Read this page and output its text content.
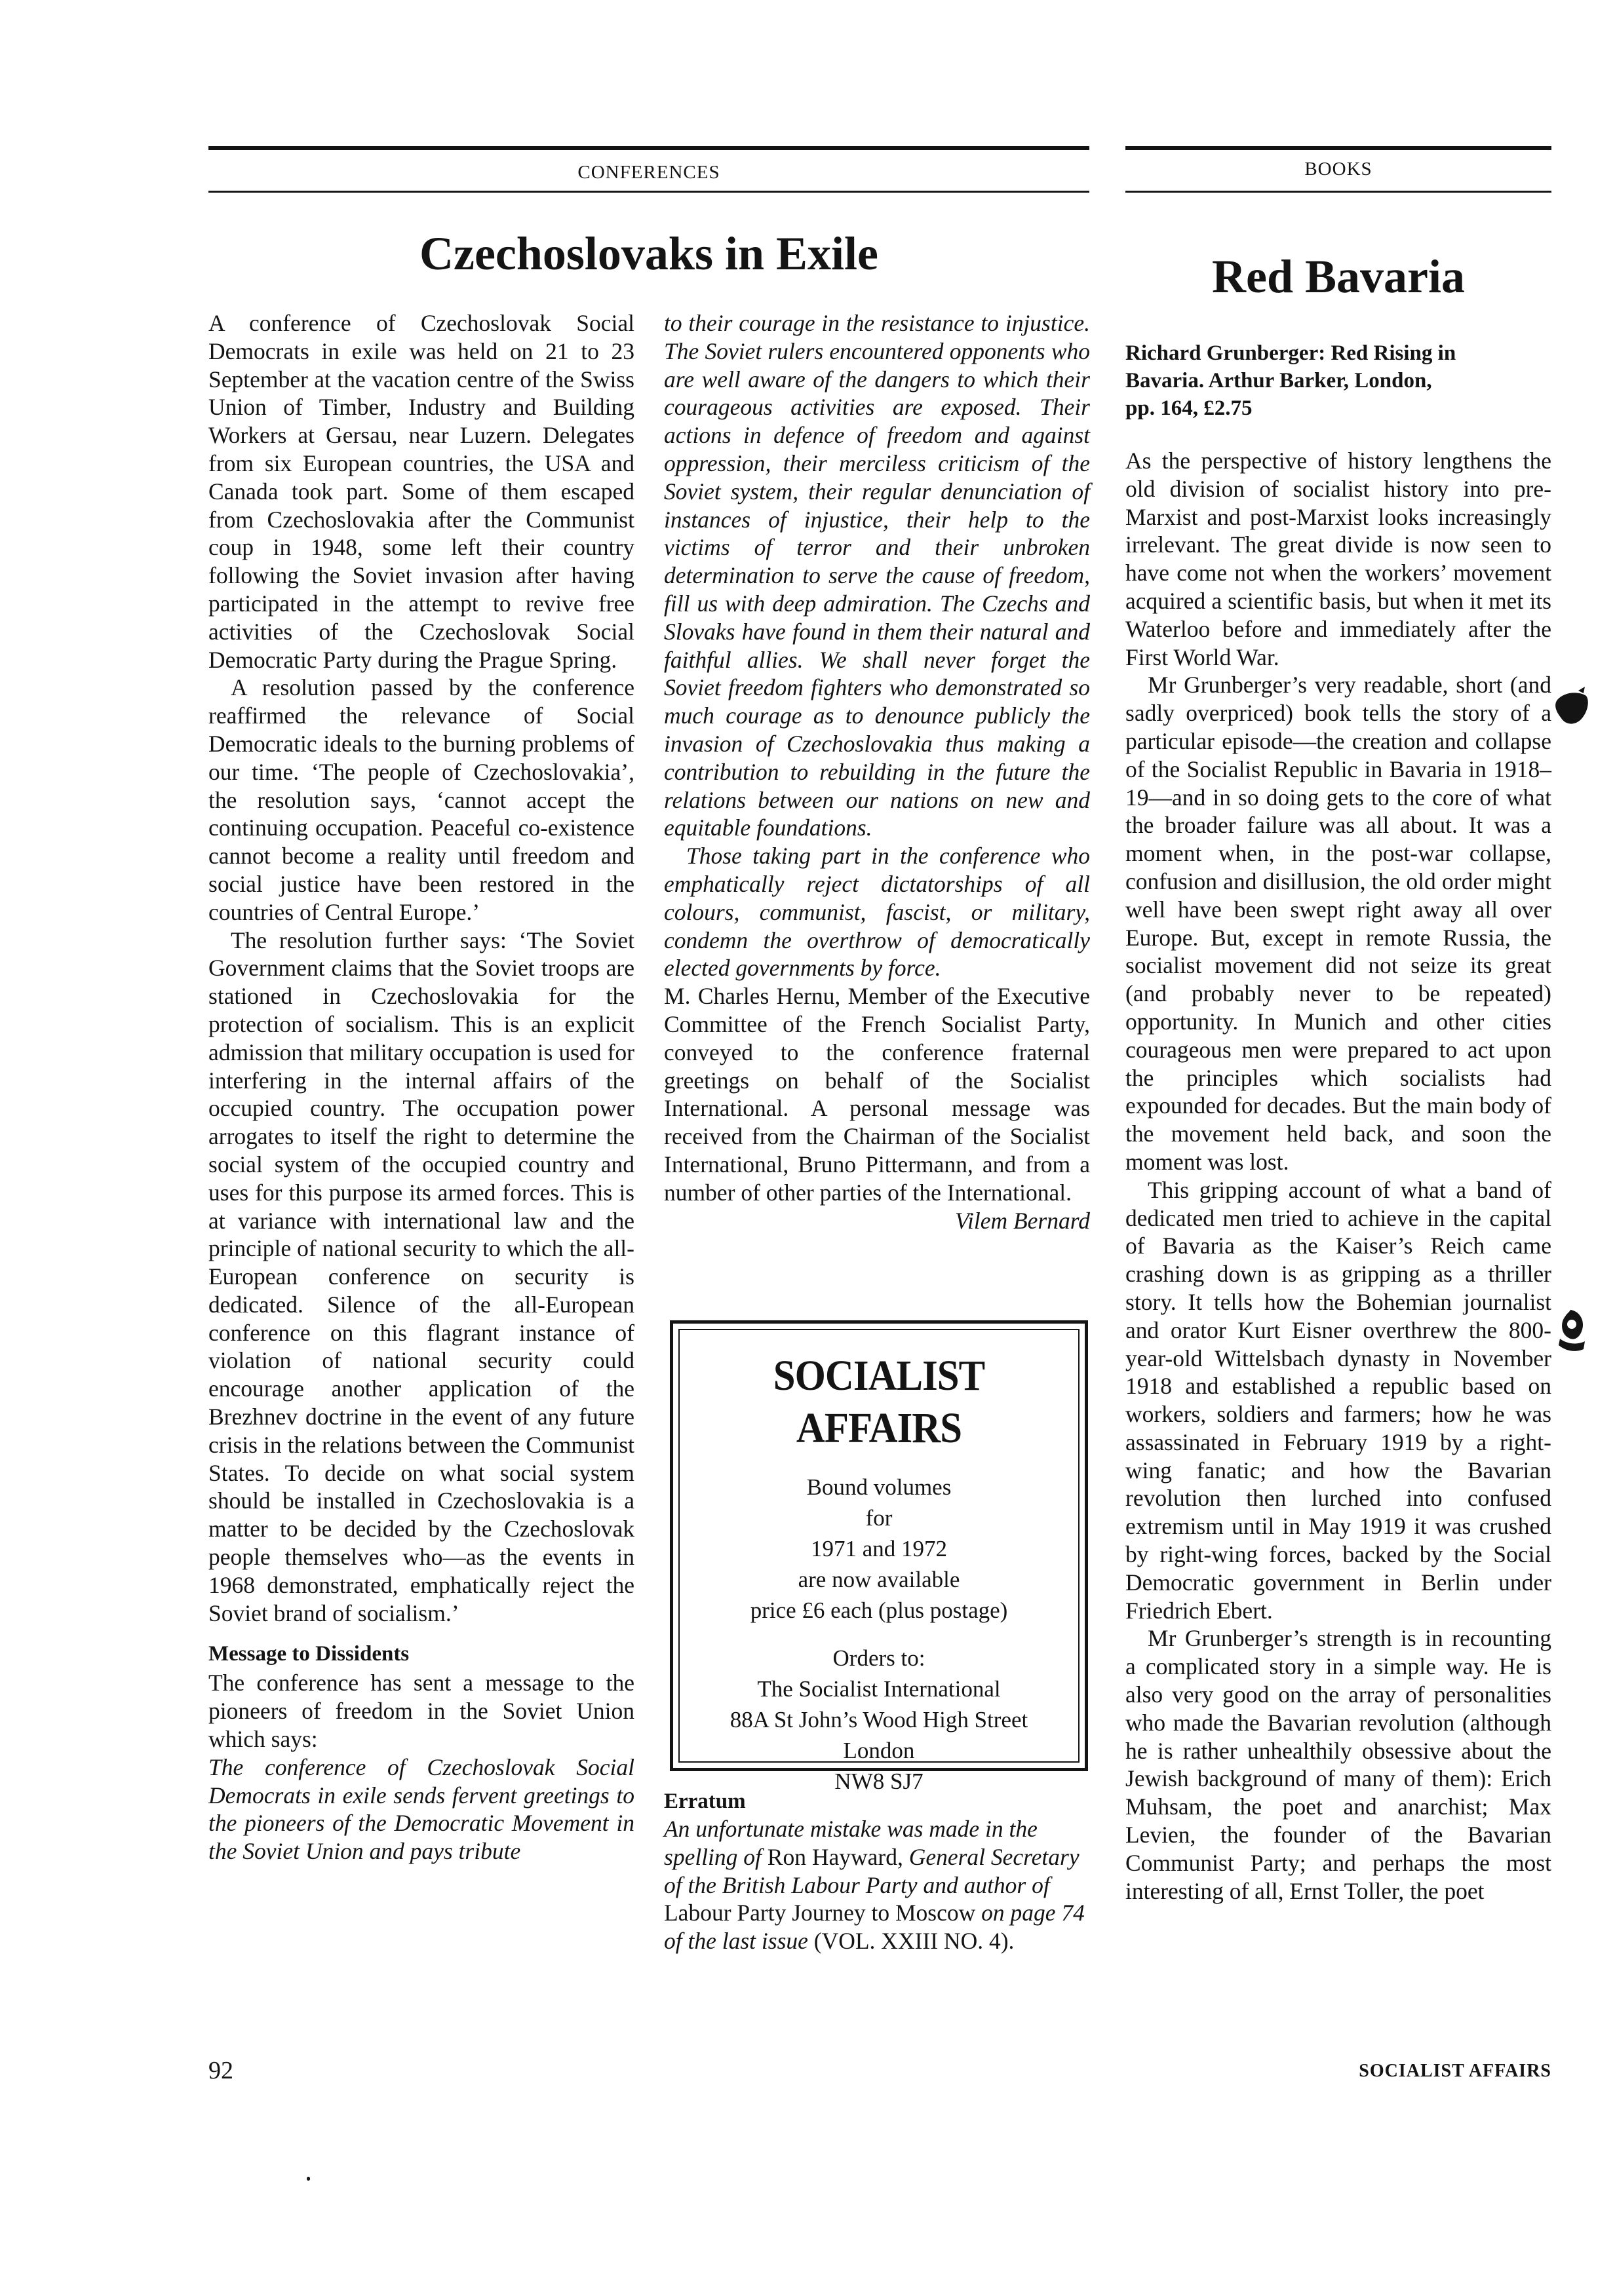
CONFERENCES	BOOKS
Czechoslovaks in Exile	Red Bavaria

A conference of Czechoslovak Social Democrats in exile was held on 21 to 23 September at the vacation centre of the Swiss Union of Timber, Industry and Building Workers at Gersau, near Luzern. Delegates from six European countries, the USA and Canada took part. Some of them escaped from Czechoslovakia after the Communist coup in 1948, some left their country following the Soviet invasion after having participated in the attempt to revive free activities of the Czechoslovak Social Democratic Party during the Prague Spring.

A resolution passed by the conference reaffirmed the relevance of Social Democratic ideals to the burning problems of our time. ‘The people of Czechoslovakia’, the resolution says, ‘cannot accept the continuing occupation. Peaceful co-existence cannot become a reality until freedom and social justice have been restored in the countries of Central Europe.’

The resolution further says: ‘The Soviet Government claims that the Soviet troops are stationed in Czechoslovakia for the protection of socialism. This is an explicit admission that military occupation is used for interfering in the internal affairs of the occupied country. The occupation power arrogates to itself the right to determine the social system of the occupied country and uses for this purpose its armed forces. This is at variance with international law and the principle of national security to which the all-European conference on security is dedicated. Silence of the all-European conference on this flagrant instance of violation of national security could encourage another application of the Brezhnev doctrine in the event of any future crisis in the relations between the Communist States. To decide on what social system should be installed in Czechoslovakia is a matter to be decided by the Czechoslovak people themselves who—as the events in 1968 demonstrated, emphatically reject the Soviet brand of socialism.’

Message to Dissidents

The conference has sent a message to the pioneers of freedom in the Soviet Union which says:

The conference of Czechoslovak Social Democrats in exile sends fervent greetings to the pioneers of the Democratic Movement in the Soviet Union and pays tribute

to their courage in the resistance to injustice. The Soviet rulers encountered opponents who are well aware of the dangers to which their courageous activities are exposed. Their actions in defence of freedom and against oppression, their merciless criticism of the Soviet system, their regular denunciation of instances of injustice, their help to the victims of terror and their unbroken determination to serve the cause of freedom, fill us with deep admiration. The Czechs and Slovaks have found in them their natural and faithful allies. We shall never forget the Soviet freedom fighters who demonstrated so much courage as to denounce publicly the invasion of Czechoslovakia thus making a contribution to rebuilding in the future the relations between our nations on new and equitable foundations.

Those taking part in the conference who emphatically reject dictatorships of all colours, communist, fascist, or military, condemn the overthrow of democratically elected governments by force.

M. Charles Hernu, Member of the Executive Committee of the French Socialist Party, conveyed to the conference fraternal greetings on behalf of the Socialist International. A personal message was received from the Chairman of the Socialist International, Bruno Pittermann, and from a number of other parties of the International.

Vilem Bernard

SOCIALIST AFFAIRS
Bound volumes
for
1971 and 1972
are now available
price £6 each (plus postage)
Orders to:
The Socialist International
88A St John’s Wood High Street
London
NW8 SJ7

Erratum

An unfortunate mistake was made in the spelling of Ron Hayward, General Secretary of the British Labour Party and author of Labour Party Journey to Moscow on page 74 of the last issue (VOL. XXIII NO. 4).

Richard Grunberger: Red Rising in

Bavaria. Arthur Barker, London,

pp. 164, £2.75

As the perspective of history lengthens the old division of socialist history into pre-Marxist and post-Marxist looks increasingly irrelevant. The great divide is now seen to have come not when the workers’ movement acquired a scientific basis, but when it met its Waterloo before and immediately after the First World War.

Mr Grunberger’s very readable, short (and sadly overpriced) book tells the story of a particular episode—the creation and collapse of the Socialist Republic in Bavaria in 1918–19—and in so doing gets to the core of what the broader failure was all about. It was a moment when, in the post-war collapse, confusion and disillusion, the old order might well have been swept right away all over Europe. But, except in remote Russia, the socialist movement did not seize its great (and probably never to be repeated) opportunity. In Munich and other cities courageous men were prepared to act upon the principles which socialists had expounded for decades. But the main body of the movement held back, and soon the moment was lost.

This gripping account of what a band of dedicated men tried to achieve in the capital of Bavaria as the Kaiser’s Reich came crashing down is as gripping as a thriller story. It tells how the Bohemian journalist and orator Kurt Eisner overthrew the 800-year-old Wittelsbach dynasty in November 1918 and established a republic based on workers, soldiers and farmers; how he was assassinated in February 1919 by a right-wing fanatic; and how the Bavarian revolution then lurched into confused extremism until in May 1919 it was crushed by right-wing forces, backed by the Social Democratic government in Berlin under Friedrich Ebert.

Mr Grunberger’s strength is in recounting a complicated story in a simple way. He is also very good on the array of personalities who made the Bavarian revolution (although he is rather unhealthily obsessive about the Jewish background of many of them): Erich Muhsam, the poet and anarchist; Max Levien, the founder of the Bavarian Communist Party; and perhaps the most interesting of all, Ernst Toller, the poet

92	SOCIALIST AFFAIRS
